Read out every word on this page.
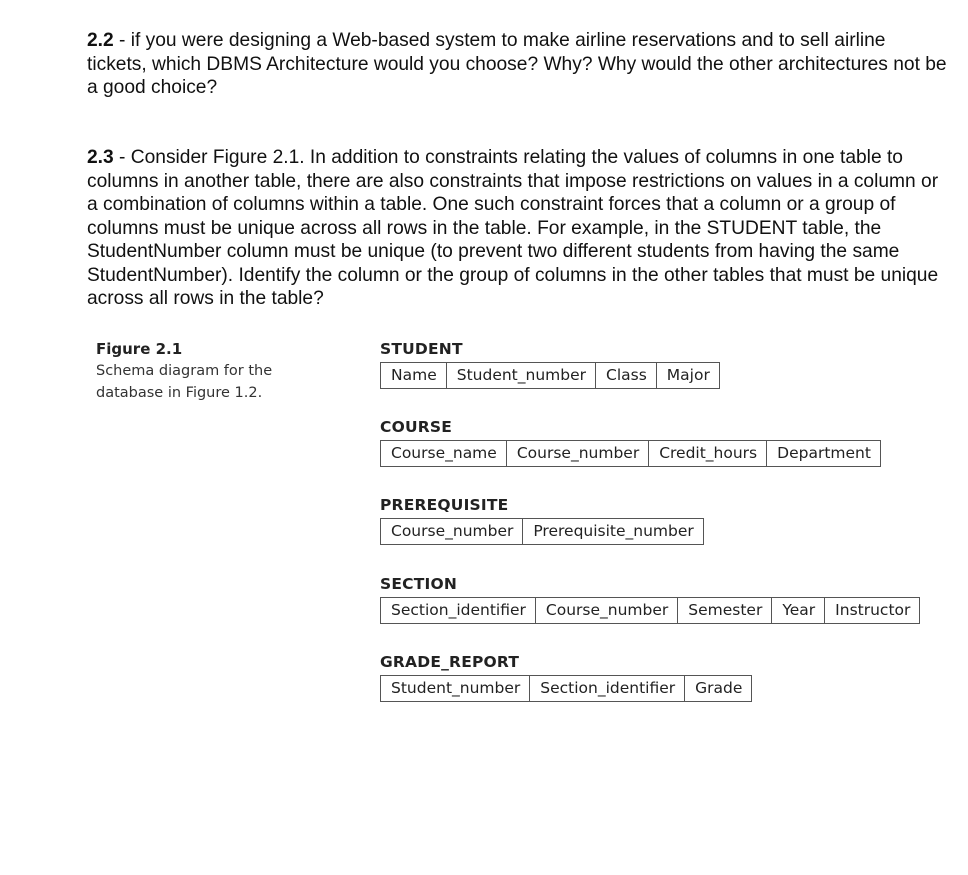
2.2 - if you were designing a Web-based system to make airline reservations and to sell airline tickets, which DBMS Architecture would you choose? Why? Why would the other architectures not be a good choice?

2.3 - Consider Figure 2.1. In addition to constraints relating the values of columns in one table to columns in another table, there are also constraints that impose restrictions on values in a column or a combination of columns within a table. One such constraint forces that a column or a group of columns must be unique across all rows in the table. For example, in the STUDENT table, the StudentNumber column must be unique (to prevent two different students from having the same StudentNumber). Identify the column or the group of columns in the other tables that must be unique across all rows in the table?

Figure 2.1
Schema diagram for the database in Figure 1.2.
STUDENT
Name	Student_number	Class	Major
COURSE
Course_name	Course_number	Credit_hours	Department
PREREQUISITE
Course_number	Prerequisite_number
SECTION
Section_identifier	Course_number	Semester	Year	Instructor
GRADE_REPORT
Student_number	Section_identifier	Grade
